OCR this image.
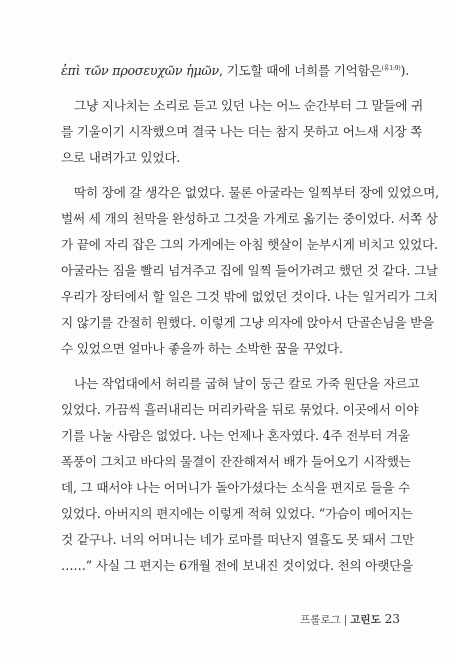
ἐπὶ τῶν προσευχῶν ἡμῶν, 기도할 때에 너희를 기억함은$^{(롬1:9)}$).
그냥 지나치는 소리로 듣고 있던 나는 어느 순간부터 그 말들에 귀
를 기울이기 시작했으며 결국 나는 더는 참지 못하고 어느새 시장 쪽
으로 내려가고 있었다.
딱히 장에 갈 생각은 없었다. 물론 아굴라는 일찍부터 장에 있었으며,
벌써 세 개의 천막을 완성하고 그것을 가게로 옮기는 중이었다. 서쪽 상
가 끝에 자리 잡은 그의 가게에는 아침 햇살이 눈부시게 비치고 있었다.
아굴라는 짐을 빨리 넘겨주고 집에 일찍 들어가려고 했던 것 같다. 그날
우리가 장터에서 할 일은 그것 밖에 없었던 것이다. 나는 일거리가 그치
지 않기를 간절히 원했다. 이렇게 그냥 의자에 앉아서 단골손님을 받을
수 있었으면 얼마나 좋을까 하는 소박한 꿈을 꾸었다.
나는 작업대에서 허리를 굽혀 날이 둥근 칼로 가죽 원단을 자르고
있었다. 가끔씩 흘러내리는 머리카락을 뒤로 묶었다. 이곳에서 이야
기를 나눌 사람은 없었다. 나는 언제나 혼자였다. 4주 전부터 겨울
폭풍이 그치고 바다의 물결이 잔잔해져서 배가 들어오기 시작했는
데, 그 때서야 나는 어머니가 돌아가셨다는 소식을 편지로 들을 수
있었다. 아버지의 편지에는 이렇게 적혀 있었다. “가슴이 메어지는
것 같구나. 너의 어머니는 네가 로마를 떠난지 열흘도 못 돼서 그만
……” 사실 그 편지는 6개월 전에 보내진 것이었다. 천의 아랫단을
프롤로그 | 고린도 23
